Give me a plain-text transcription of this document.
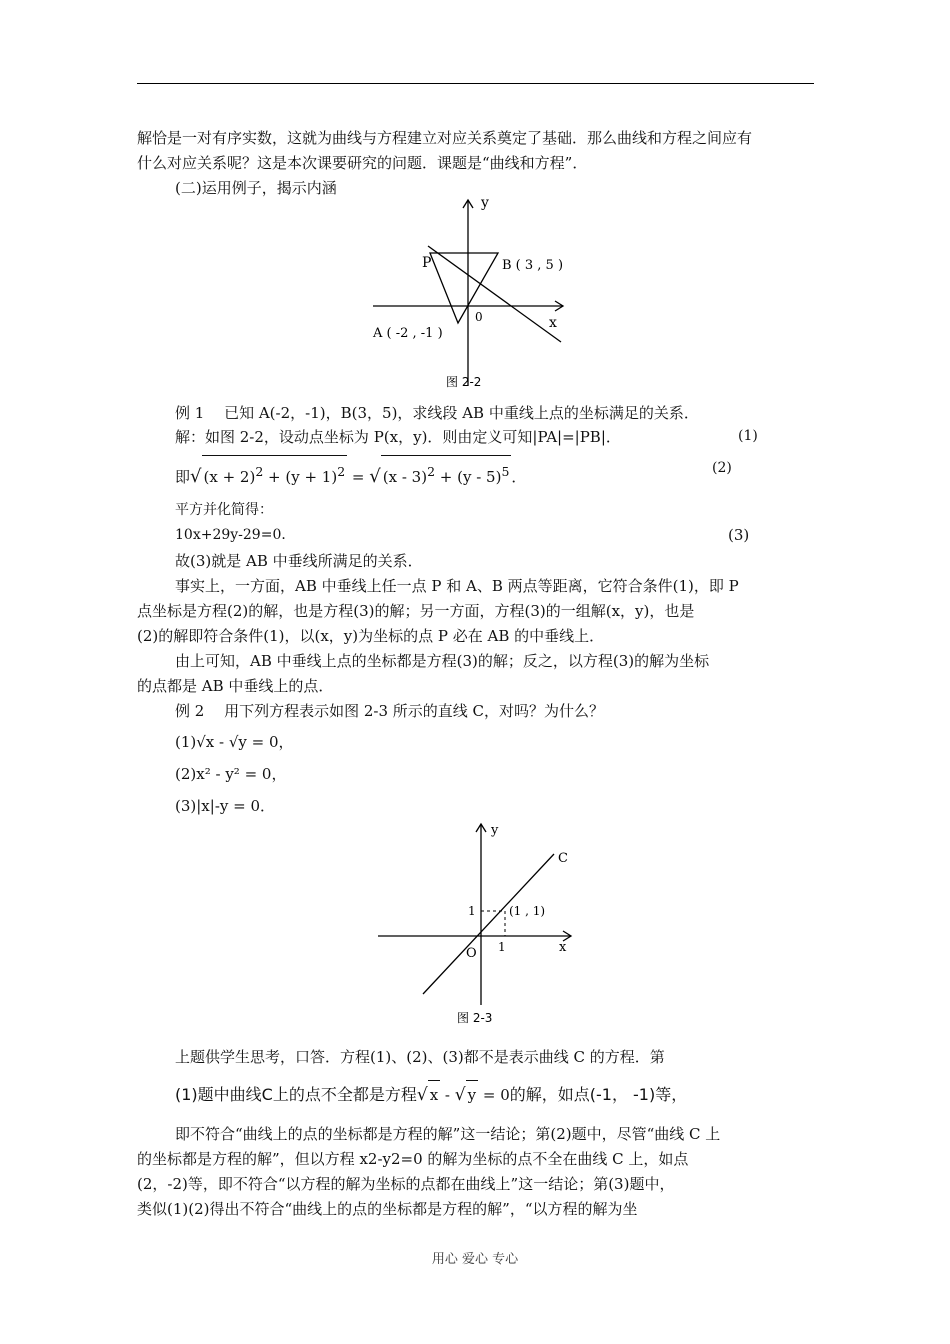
解恰是一对有序实数，这就为曲线与方程建立对应关系奠定了基础．那么曲线和方程之间应有
什么对应关系呢？这是本次课要研究的问题．课题是“曲线和方程”．
(二)运用例子，揭示内涵
y
x
0
P	B ( 3 , 5 )
A ( -2 , -1 )
图 2-2
例 1　 已知 A(-2，-1)，B(3，5)，求线段 AB 中重线上点的坐标满足的关系．
解：如图 2-2，设动点坐标为 P(x，y)．则由定义可知|PA|=|PB|．	(1)
即√ $(x + 2)^2 + (y + 1)^2$ = √ (x - 3)$^2$ + (y - 5)$^5$ ．	(2)
平方并化简得：
10x+29y-29=0．	(3)
故(3)就是 AB 中垂线所满足的关系．
事实上，一方面，AB 中垂线上任一点 P 和 A、B 两点等距离，它符合条件(1)，即 P
点坐标是方程(2)的解，也是方程(3)的解；另一方面，方程(3)的一组解(x，y)，也是
(2)的解即符合条件(1)，以(x，y)为坐标的点 P 必在 AB 的中垂线上．
由上可知，AB 中垂线上点的坐标都是方程(3)的解；反之，以方程(3)的解为坐标
的点都是 AB 中垂线上的点．
例 2　 用下列方程表示如图 2-3 所示的直线 C，对吗？为什么？
(1)√x - √y = 0，
(2)x² - y² = 0，
(3)|x|-y = 0．
y
x
O
C
1
1
(1 , 1)
图 2-3
上题供学生思考，口答．方程(1)、(2)、(3)都不是表示曲线 C 的方程．第
(1)题中曲线C上的点不全都是方程√ x - √ y = 0的解，如点(-1， -1)等，
即不符合“曲线上的点的坐标都是方程的解”这一结论；第(2)题中，尽管“曲线 C 上
的坐标都是方程的解”，但以方程 x2-y2=0 的解为坐标的点不全在曲线 C 上，如点
(2，-2)等，即不符合“以方程的解为坐标的点都在曲线上”这一结论；第(3)题中，
类似(1)(2)得出不符合“曲线上的点的坐标都是方程的解”，“以方程的解为坐
用心 爱心 专心
